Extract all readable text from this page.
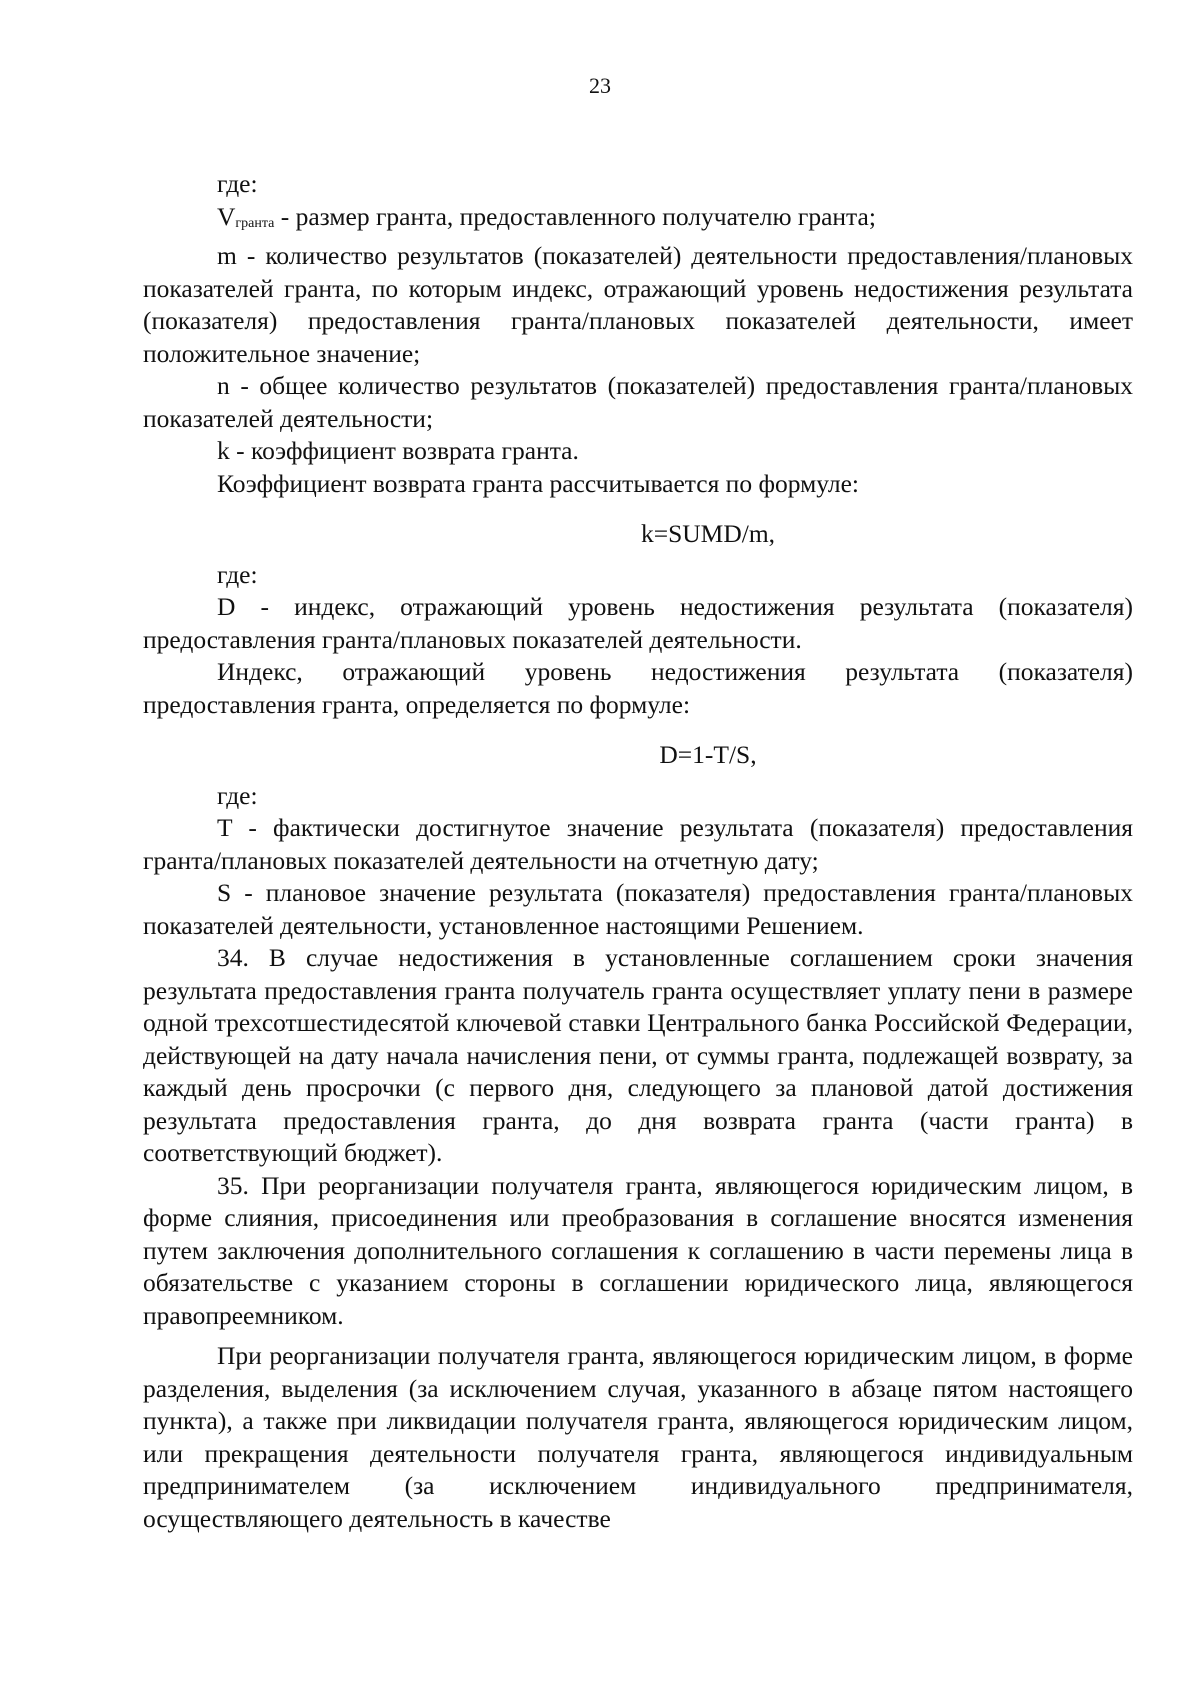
23

где:

$V_{гранта}$ - размер гранта, предоставленного получателю гранта;

m - количество результатов (показателей) деятельности предоставления/плановых показателей гранта, по которым индекс, отражающий уровень недостижения результата (показателя) предоставления гранта/плановых показателей деятельности, имеет положительное значение;

n - общее количество результатов (показателей) предоставления гранта/плановых показателей деятельности;

k - коэффициент возврата гранта.

Коэффициент возврата гранта рассчитывается по формуле:

k=SUMD/m,

где:

D - индекс, отражающий уровень недостижения результата (показателя) предоставления гранта/плановых показателей деятельности.

Индекс, отражающий уровень недостижения результата (показателя) предоставления гранта, определяется по формуле:

D=1-T/S,

где:

T - фактически достигнутое значение результата (показателя) предоставления гранта/плановых показателей деятельности на отчетную дату;

S - плановое значение результата (показателя) предоставления гранта/плановых показателей деятельности, установленное настоящими Решением.

34. В случае недостижения в установленные соглашением сроки значения результата предоставления гранта получатель гранта осуществляет уплату пени в размере одной трехсотшестидесятой ключевой ставки Центрального банка Российской Федерации, действующей на дату начала начисления пени, от суммы гранта, подлежащей возврату, за каждый день просрочки (с первого дня, следующего за плановой датой достижения результата предоставления гранта, до дня возврата гранта (части гранта) в соответствующий бюджет).

35. При реорганизации получателя гранта, являющегося юридическим лицом, в форме слияния, присоединения или преобразования в соглашение вносятся изменения путем заключения дополнительного соглашения к соглашению в части перемены лица в обязательстве с указанием стороны в соглашении юридического лица, являющегося правопреемником.

При реорганизации получателя гранта, являющегося юридическим лицом, в форме разделения, выделения (за исключением случая, указанного в абзаце пятом настоящего пункта), а также при ликвидации получателя гранта, являющегося юридическим лицом, или прекращения деятельности получателя гранта, являющегося индивидуальным предпринимателем (за исключением индивидуального предпринимателя, осуществляющего деятельность в качестве
